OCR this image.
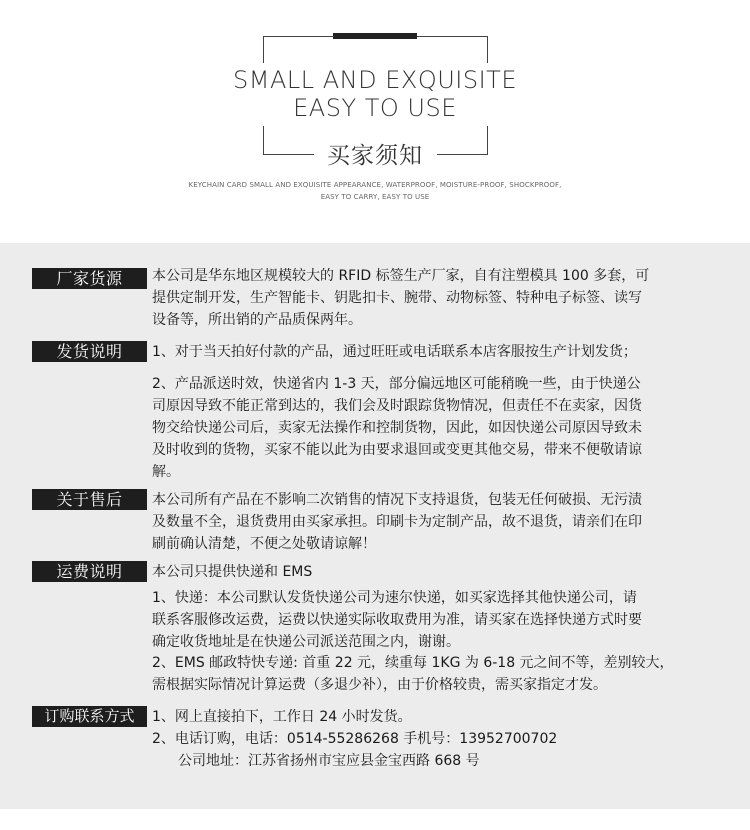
SMALL AND EXQUISITE
EASY TO USE
买家须知
KEYCHAIN CARD SMALL AND EXQUISITE APPEARANCE, WATERPROOF, MOISTURE-PROOF, SHOCKPROOF,
EASY TO CARRY, EASY TO USE
厂家货源	本公司是华东地区规模较大的 RFID 标签生产厂家，自有注塑模具 100 多套，可
提供定制开发，生产智能卡、钥匙扣卡、腕带、动物标签、特种电子标签、读写
设备等，所出销的产品质保两年。
发货说明	1、对于当天拍好付款的产品，通过旺旺或电话联系本店客服按生产计划发货；
2、产品派送时效，快递省内 1-3 天，部分偏远地区可能稍晚一些，由于快递公
司原因导致不能正常到达的，我们会及时跟踪货物情况，但责任不在卖家，因货
物交给快递公司后，卖家无法操作和控制货物，因此，如因快递公司原因导致未
及时收到的货物，买家不能以此为由要求退回或变更其他交易，带来不便敬请谅
解。
关于售后	本公司所有产品在不影响二次销售的情况下支持退货，包装无任何破损、无污渍
及数量不全，退货费用由买家承担。印刷卡为定制产品，故不退货，请亲们在印
刷前确认清楚，不便之处敬请谅解！
运费说明	本公司只提供快递和 EMS
1、快递：本公司默认发货快递公司为速尔快递，如买家选择其他快递公司，请
联系客服修改运费，运费以快递实际收取费用为准，请买家在选择快递方式时要
确定收货地址是在快递公司派送范围之内，谢谢。
2、EMS 邮政特快专递: 首重 22 元，续重每 1KG 为 6-18 元之间不等，差别较大，
需根据实际情况计算运费（多退少补），由于价格较贵，需买家指定才发。
订购联系方式	1、网上直接拍下，工作日 24 小时发货。
2、电话订购，电话：0514-55286268 手机号：13952700702
公司地址：江苏省扬州市宝应县金宝西路 668 号
